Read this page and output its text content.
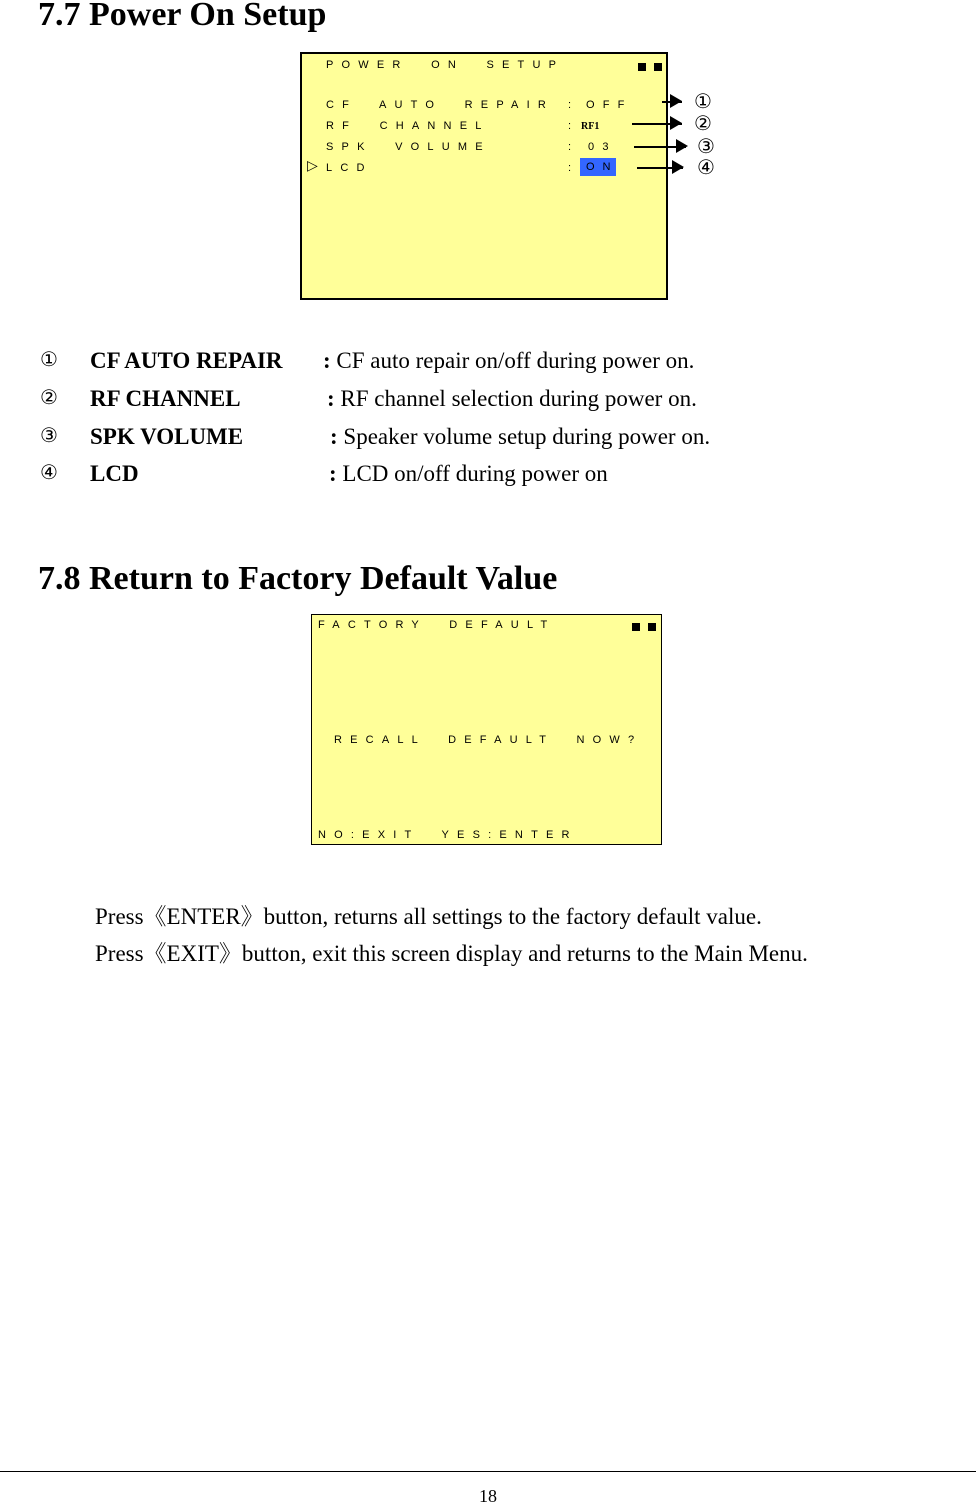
7.7 Power On Setup
POWER  ON  SETUP
CF  AUTO  REPAIR : OFF
RF  CHANNEL	: RF1
SPK  VOLUME	: 03
▷ LCD	: ON
①
②
③
④
① CF AUTO REPAIR : CF auto repair on/off during power on.
② RF CHANNEL	: RF channel selection during power on.
③ SPK VOLUME	: Speaker volume setup during power on.
④ LCD	: LCD on/off during power on
7.8 Return to Factory Default Value
FACTORY  DEFAULT
RECALL  DEFAULT  NOW?
NO:EXIT  YES:ENTER
Press《ENTER》button, returns all settings to the factory default value.
Press《EXIT》button, exit this screen display and returns to the Main Menu.
18
